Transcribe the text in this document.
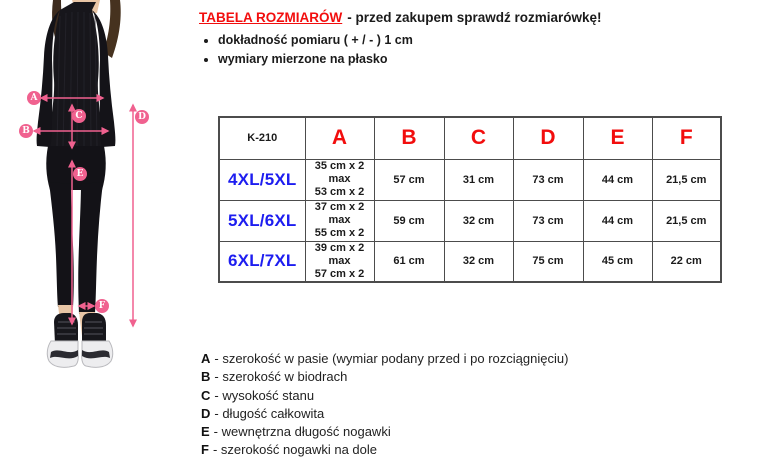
A
B
C	D
E
F
TABELA ROZMIARÓW - przed zakupem sprawdź rozmiarówkę!
• dokładność pomiaru ( + / - ) 1 cm
• wymiary mierzone na płasko
K-210	A	B	C	D	E	F
4XL/5XL	35 cm x 2
max
53 cm x 2	57 cm	31 cm	73 cm	44 cm	21,5 cm
5XL/6XL	37 cm x 2
max
55 cm x 2	59 cm	32 cm	73 cm	44 cm	21,5 cm
6XL/7XL	39 cm x 2
max
57 cm x 2	61 cm	32 cm	75 cm	45 cm	22 cm
A - szerokość w pasie (wymiar podany przed i po rozciągnięciu)
B - szerokość w biodrach
C - wysokość stanu
D - długość całkowita
E - wewnętrzna długość nogawki
F - szerokość nogawki na dole
